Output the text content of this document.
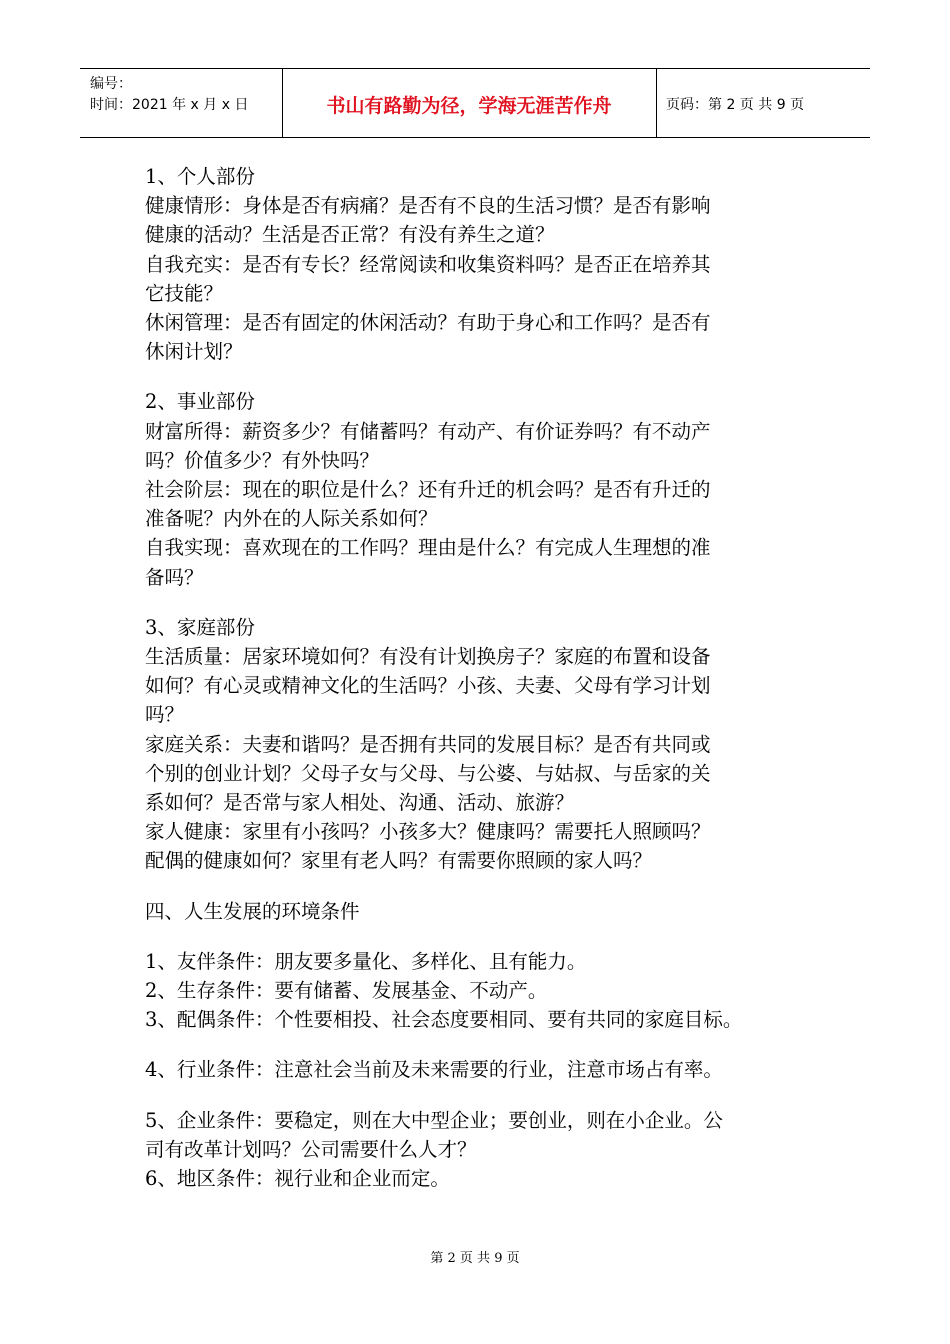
编号：
时间：2021 年 x 月 x 日	书山有路勤为径，学海无涯苦作舟	页码：第 2 页 共 9 页

1、个人部份

健康情形：身体是否有病痛？是否有不良的生活习惯？是否有影响

健康的活动？生活是否正常？有没有养生之道？

自我充实：是否有专长？经常阅读和收集资料吗？是否正在培养其

它技能？

休闲管理：是否有固定的休闲活动？有助于身心和工作吗？是否有

休闲计划？

2、事业部份

财富所得：薪资多少？有储蓄吗？有动产、有价证券吗？有不动产

吗？价值多少？有外快吗？

社会阶层：现在的职位是什么？还有升迁的机会吗？是否有升迁的

准备呢？内外在的人际关系如何？

自我实现：喜欢现在的工作吗？理由是什么？有完成人生理想的准

备吗？

3、家庭部份

生活质量：居家环境如何？有没有计划换房子？家庭的布置和设备

如何？有心灵或精神文化的生活吗？小孩、夫妻、父母有学习计划

吗？

家庭关系：夫妻和谐吗？是否拥有共同的发展目标？是否有共同或

个别的创业计划？父母子女与父母、与公婆、与姑叔、与岳家的关

系如何？是否常与家人相处、沟通、活动、旅游？

家人健康：家里有小孩吗？小孩多大？健康吗？需要托人照顾吗？

配偶的健康如何？家里有老人吗？有需要你照顾的家人吗？

四、人生发展的环境条件

1、友伴条件：朋友要多量化、多样化、且有能力。

2、生存条件：要有储蓄、发展基金、不动产。

3、配偶条件：个性要相投、社会态度要相同、要有共同的家庭目标。

4、行业条件：注意社会当前及未来需要的行业，注意市场占有率。

5、企业条件：要稳定，则在大中型企业；要创业，则在小企业。公

司有改革计划吗？公司需要什么人才？

6、地区条件：视行业和企业而定。

第 2 页 共 9 页
